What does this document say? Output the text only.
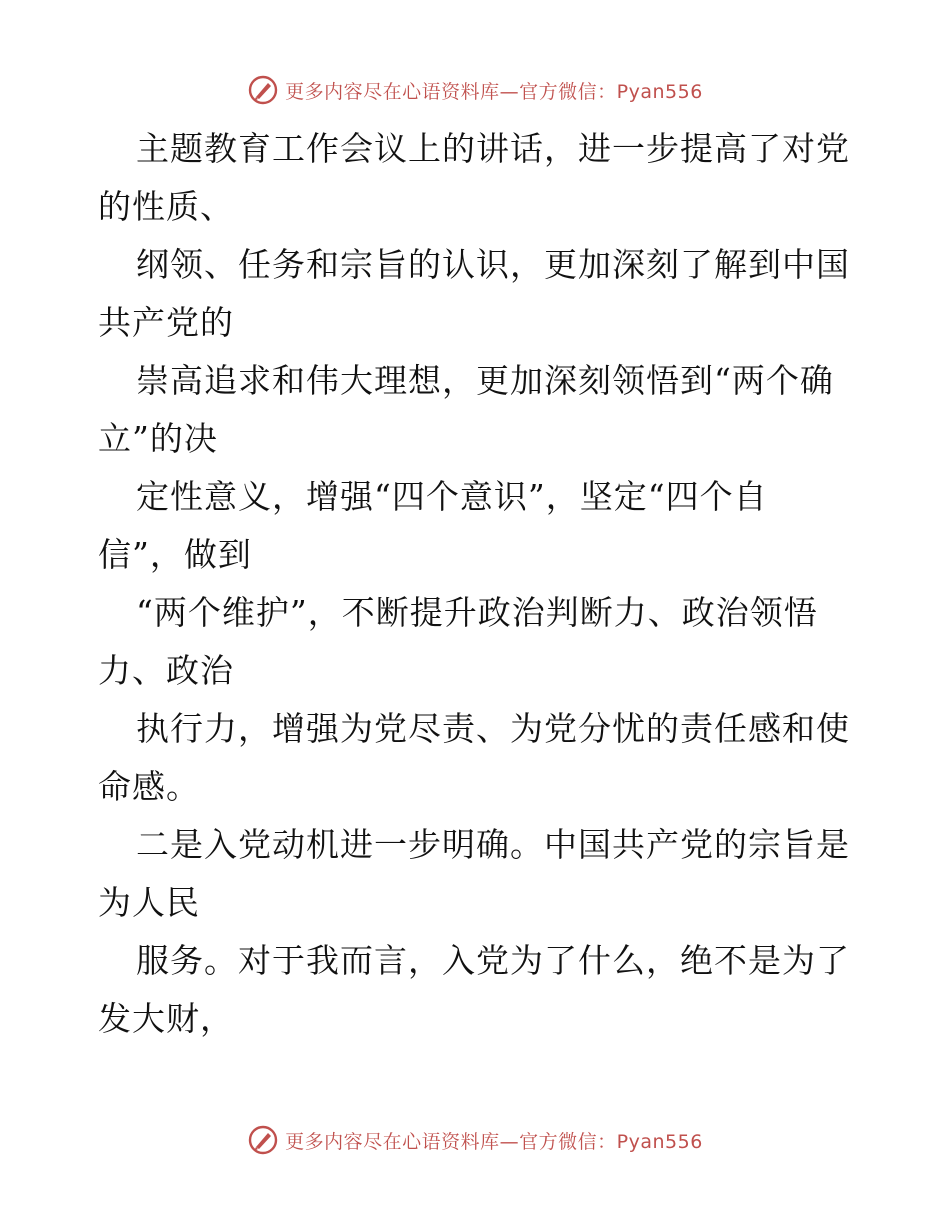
更多内容尽在心语资料库—官方微信：Pyan556
主题教育工作会议上的讲话，进一步提高了对党
的性质、
纲领、任务和宗旨的认识，更加深刻了解到中国
共产党的
崇高追求和伟大理想，更加深刻领悟到“两个确
立”的决
定性意义，增强“四个意识”，坚定“四个自
信”，做到
“两个维护”，不断提升政治判断力、政治领悟
力、政治
执行力，增强为党尽责、为党分忧的责任感和使
命感。
二是入党动机进一步明确。中国共产党的宗旨是
为人民
服务。对于我而言，入党为了什么，绝不是为了
发大财，
更多内容尽在心语资料库—官方微信：Pyan556
